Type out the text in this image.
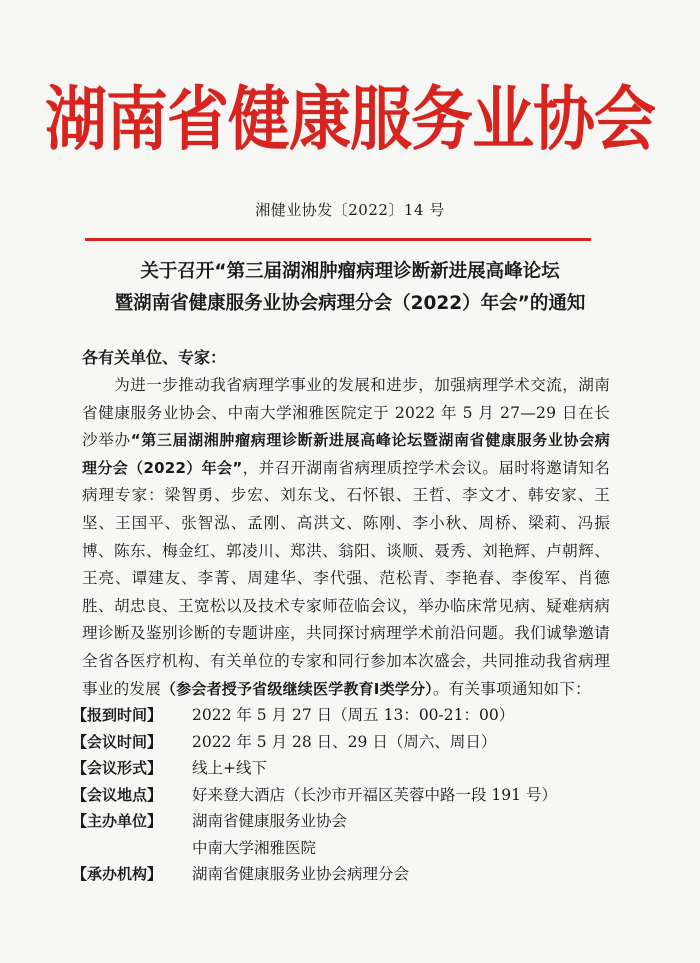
湖南省健康服务业协会
湘健业协发〔2022〕14 号
关于召开“第三届湖湘肿瘤病理诊断新进展高峰论坛
暨湖南省健康服务业协会病理分会（2022）年会”的通知
各有关单位、专家：
为进一步推动我省病理学事业的发展和进步，加强病理学术交流，湖南省健康服务业协会、中南大学湘雅医院定于 2022 年 5 月 27—29 日在长沙举办“第三届湖湘肿瘤病理诊断新进展高峰论坛暨湖南省健康服务业协会病理分会（2022）年会”，并召开湖南省病理质控学术会议。届时将邀请知名病理专家：梁智勇、步宏、刘东戈、石怀银、王哲、李文才、韩安家、王坚、王国平、张智泓、孟刚、高洪文、陈刚、李小秋、周桥、梁莉、冯振博、陈东、梅金红、郭凌川、郑洪、翁阳、谈顺、聂秀、刘艳辉、卢朝辉、王亮、谭建友、李菁、周建华、李代强、范松青、李艳春、李俊军、肖德胜、胡忠良、王宽松以及技术专家师莅临会议，举办临床常见病、疑难病病理诊断及鉴别诊断的专题讲座，共同探讨病理学术前沿问题。我们诚挚邀请全省各医疗机构、有关单位的专家和同行参加本次盛会，共同推动我省病理事业的发展（参会者授予省级继续医学教育Ⅰ类学分）。有关事项通知如下：
【报到时间】	2022 年 5 月 27 日（周五 13：00-21：00）
【会议时间】	2022 年 5 月 28 日、29 日（周六、周日）
【会议形式】	线上+线下
【会议地点】	好来登大酒店（长沙市开福区芙蓉中路一段 191 号）
【主办单位】	湖南省健康服务业协会
中南大学湘雅医院
【承办机构】	湖南省健康服务业协会病理分会
